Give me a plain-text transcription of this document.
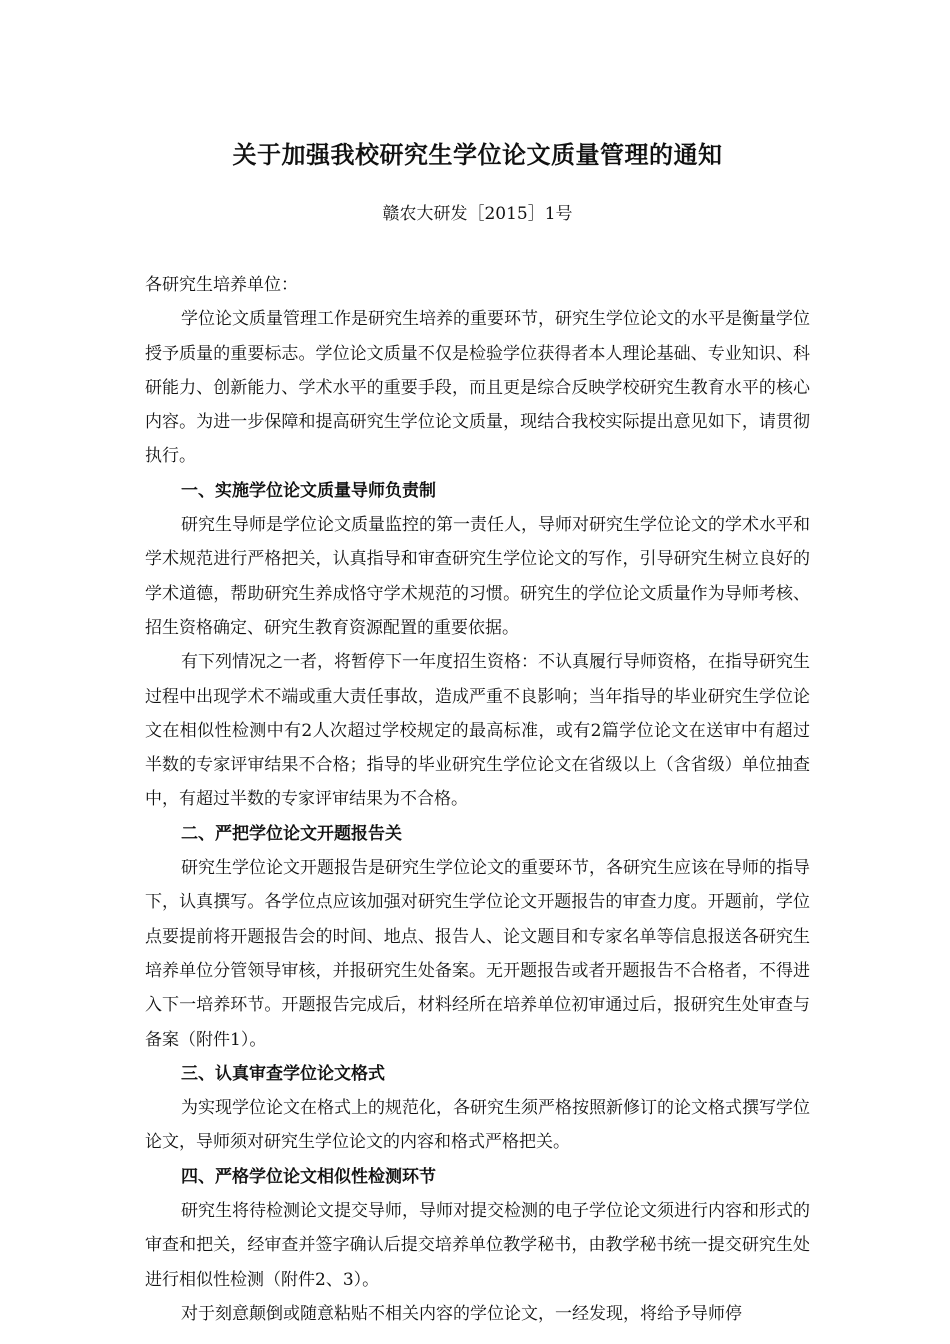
关于加强我校研究生学位论文质量管理的通知
赣农大研发［2015］1号

各研究生培养单位：

学位论文质量管理工作是研究生培养的重要环节，研究生学位论文的水平是衡量学位授予质量的重要标志。学位论文质量不仅是检验学位获得者本人理论基础、专业知识、科研能力、创新能力、学术水平的重要手段，而且更是综合反映学校研究生教育水平的核心内容。为进一步保障和提高研究生学位论文质量，现结合我校实际提出意见如下，请贯彻执行。

一、实施学位论文质量导师负责制

研究生导师是学位论文质量监控的第一责任人，导师对研究生学位论文的学术水平和学术规范进行严格把关，认真指导和审查研究生学位论文的写作，引导研究生树立良好的学术道德，帮助研究生养成恪守学术规范的习惯。研究生的学位论文质量作为导师考核、招生资格确定、研究生教育资源配置的重要依据。

有下列情况之一者，将暂停下一年度招生资格：不认真履行导师资格，在指导研究生过程中出现学术不端或重大责任事故，造成严重不良影响；当年指导的毕业研究生学位论文在相似性检测中有2人次超过学校规定的最高标准，或有2篇学位论文在送审中有超过半数的专家评审结果不合格；指导的毕业研究生学位论文在省级以上（含省级）单位抽查中，有超过半数的专家评审结果为不合格。

二、严把学位论文开题报告关

研究生学位论文开题报告是研究生学位论文的重要环节，各研究生应该在导师的指导下，认真撰写。各学位点应该加强对研究生学位论文开题报告的审查力度。开题前，学位点要提前将开题报告会的时间、地点、报告人、论文题目和专家名单等信息报送各研究生培养单位分管领导审核，并报研究生处备案。无开题报告或者开题报告不合格者，不得进入下一培养环节。开题报告完成后，材料经所在培养单位初审通过后，报研究生处审查与备案（附件1）。

三、认真审查学位论文格式

为实现学位论文在格式上的规范化，各研究生须严格按照新修订的论文格式撰写学位论文，导师须对研究生学位论文的内容和格式严格把关。

四、严格学位论文相似性检测环节

研究生将待检测论文提交导师，导师对提交检测的电子学位论文须进行内容和形式的审查和把关，经审查并签字确认后提交培养单位教学秘书，由教学秘书统一提交研究生处进行相似性检测（附件2、3）。

对于刻意颠倒或随意粘贴不相关内容的学位论文，一经发现，将给予导师停
